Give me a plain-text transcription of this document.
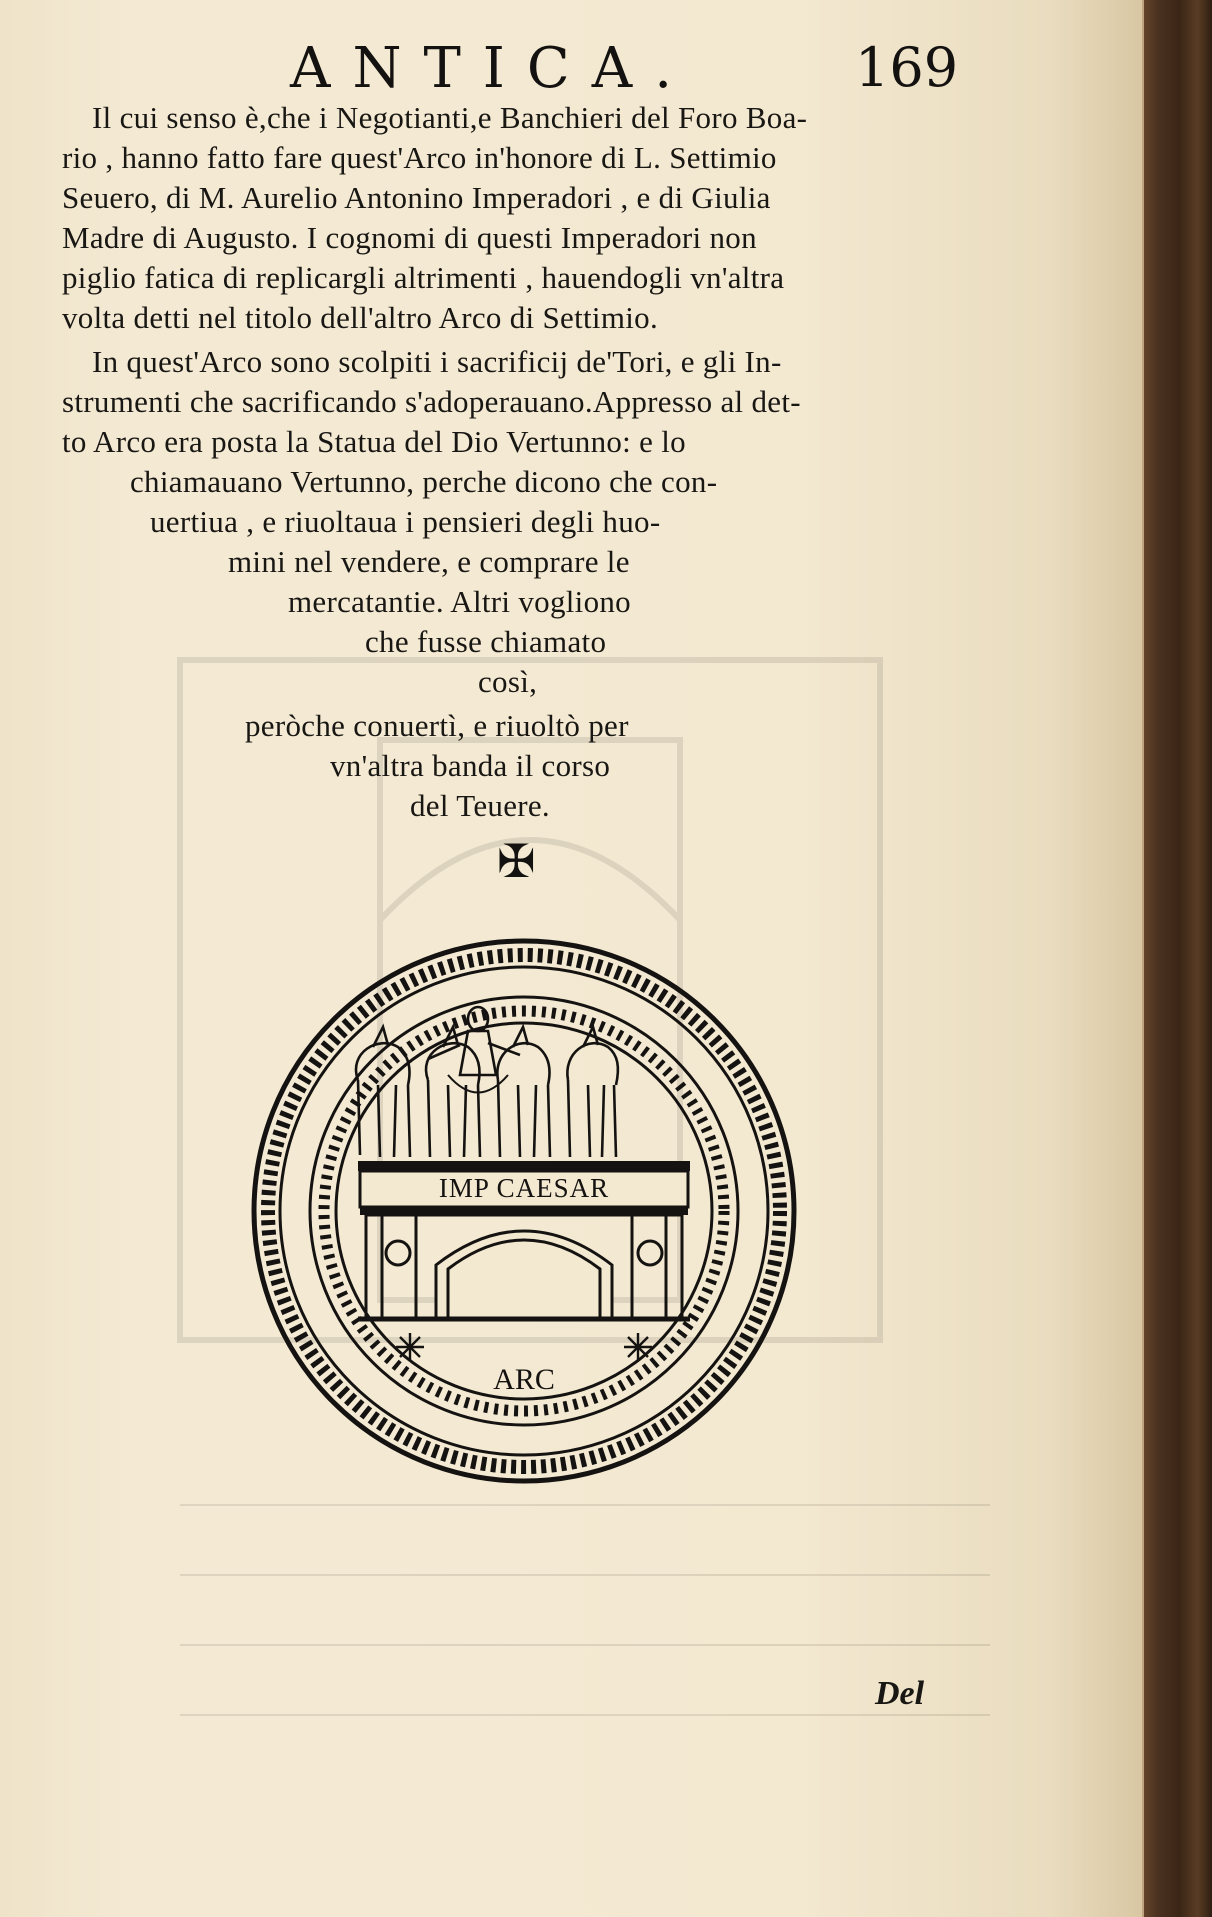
ANTICA.	169
Il cui senso è,che i Negotianti,e Banchieri del Foro Boa-
rio , hanno fatto fare quest'Arco in'honore di L. Settimio
Seuero, di M. Aurelio Antonino Imperadori , e di Giulia
Madre di Augusto. I cognomi di questi Imperadori non
piglio fatica di replicargli altrimenti , hauendogli vn'altra
volta detti nel titolo dell'altro Arco di Settimio.
In quest'Arco sono scolpiti i sacrificij de'Tori, e gli In-
strumenti che sacrificando s'adoperauano.Appresso al det-
to Arco era posta la Statua del Dio Vertunno: e lo
chiamauano Vertunno, perche dicono che con-
uertiua , e riuoltaua i pensieri degli huo-
mini nel vendere, e comprare le
mercatantie. Altri vogliono
che fusse chiamato
così,
peròche conuertì, e riuoltò per
vn'altra banda il corso
del Teuere.
✠
IMP CAESAR
ARC
Del
